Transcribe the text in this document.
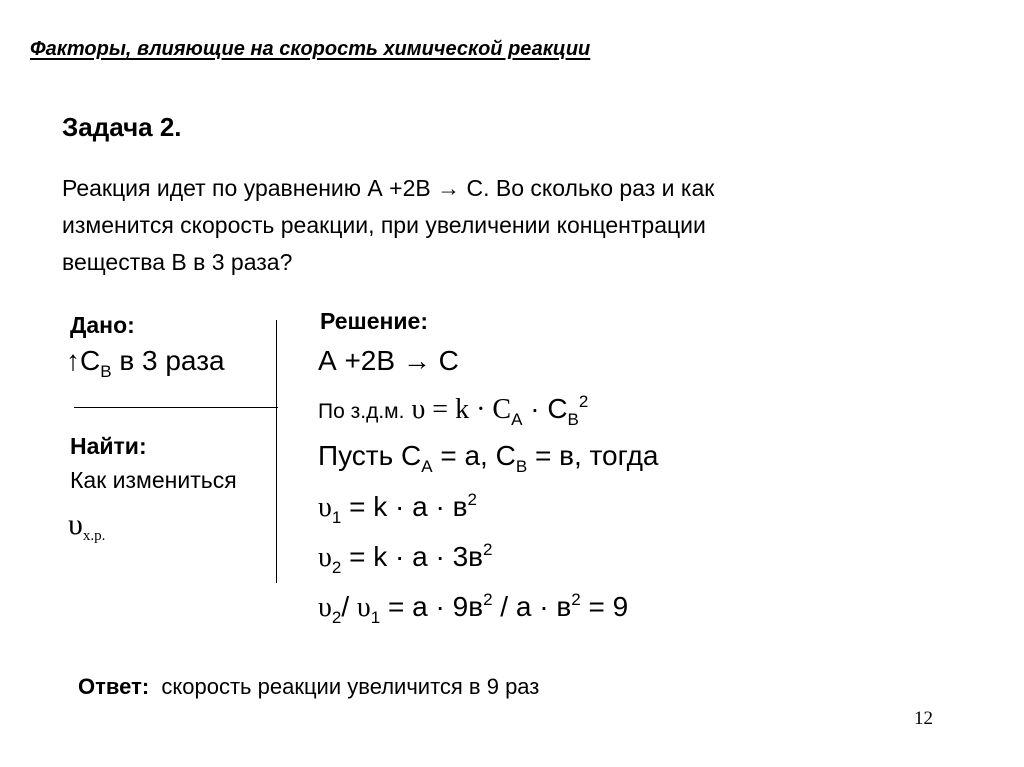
Факторы, влияющие на скорость химической реакции
Задача 2.
Реакция идет по уравнению А +2В → С. Во сколько раз и как
изменится скорость реакции, при увеличении концентрации
вещества В в 3 раза?
Дано:
$↑С_В$ в 3 раза
Найти:
Как измениться
$\upsilon_{х.р.}$
Решение:
А +2В → С
По з.д.м. $\upsilon = k \cdot С_А \cdot С_В^2$
Пусть $С_А = а$, $С_В = в$, тогда
$\upsilon_1 = k \cdot а \cdot в^2$
$\upsilon_2 = k \cdot а \cdot 3в^2$
$\upsilon_2/$ $\upsilon_1 = а \cdot 9в^2 / а \cdot в^2 = 9$
Ответ:  скорость реакции увеличится в 9 раз
12
